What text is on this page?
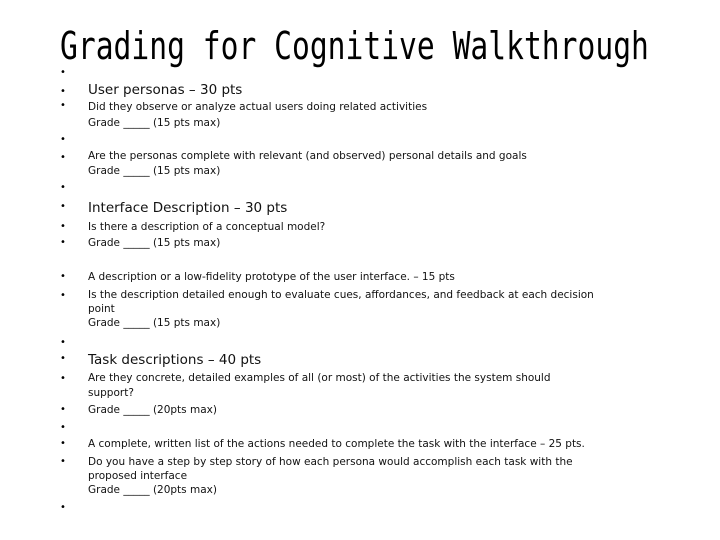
Grading for Cognitive Walkthrough
•
•
•
•
•
•
•
•
•
•
•
•
•
•
•
•
•
•
•
User personas – 30 pts
Did they observe or analyze actual users doing related activities
Grade _____ (15 pts max)
Are the personas complete with relevant (and observed) personal details and goals
Grade _____ (15 pts max)
Interface Description – 30 pts
Is there a description of a conceptual model?
Grade _____ (15 pts max)
A description or a low-fidelity prototype of the user interface. – 15 pts
Is the description detailed enough to evaluate cues, affordances, and feedback at each decision
point
Grade _____ (15 pts max)
Task descriptions – 40 pts
Are they concrete, detailed examples of all (or most) of the activities the system should
support?
Grade _____ (20pts max)
A complete, written list of the actions needed to complete the task with the interface – 25 pts.
Do you have a step by step story of how each persona would accomplish each task with the
proposed interface
Grade _____ (20pts max)
